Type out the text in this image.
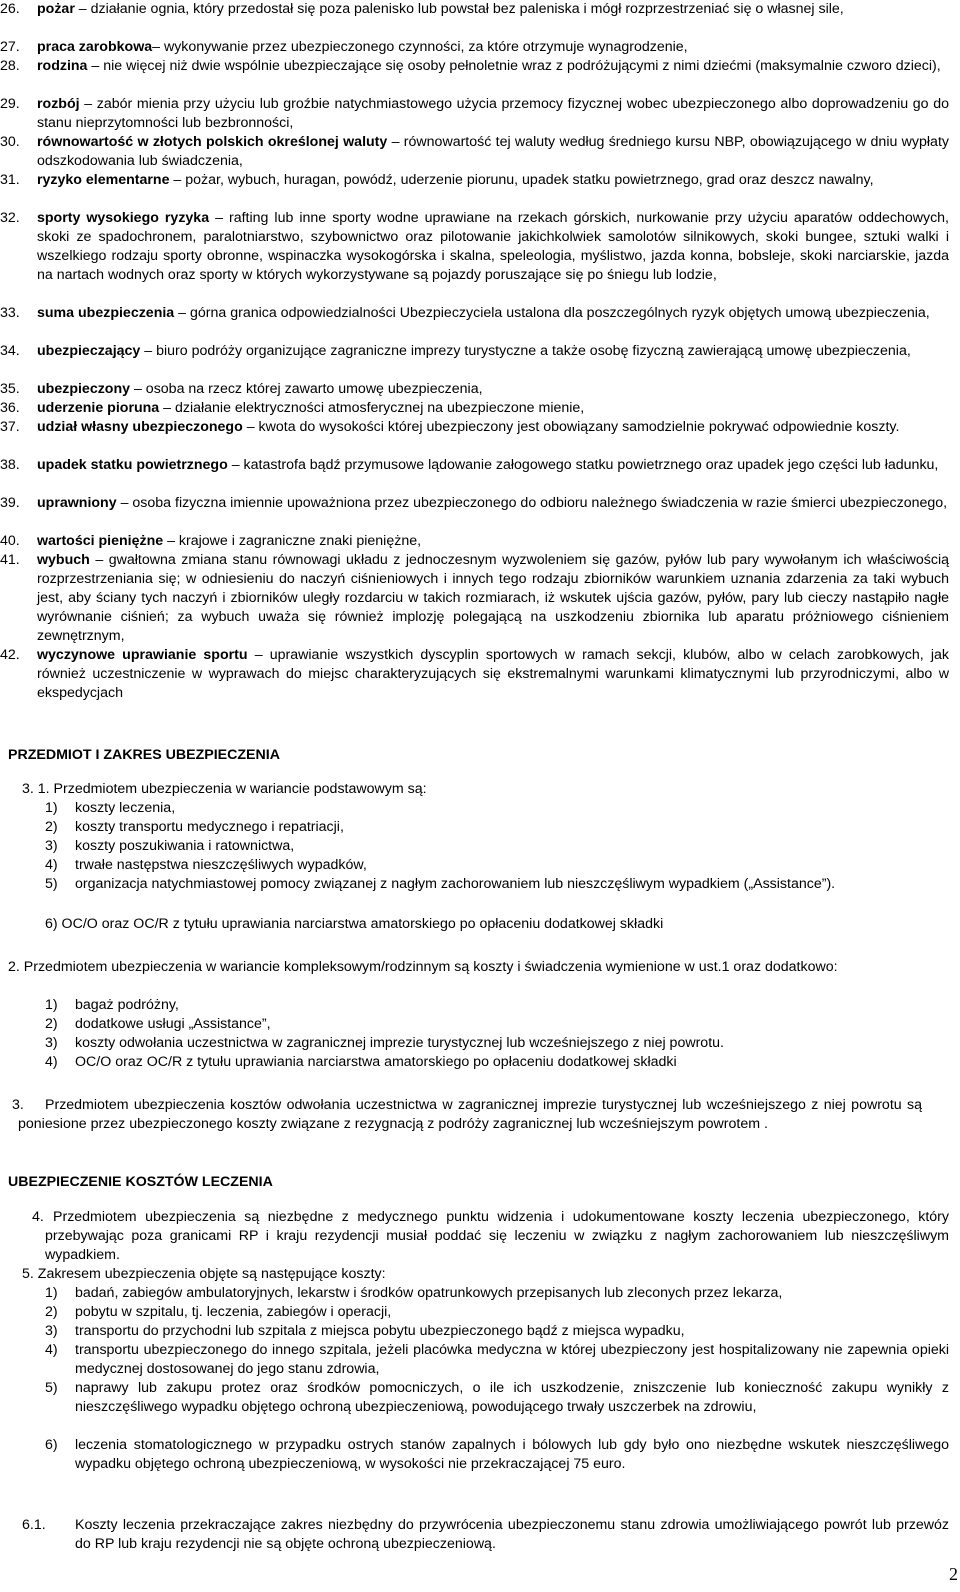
26.	pożar – działanie ognia, który przedostał się poza palenisko lub powstał bez paleniska i mógł rozprzestrzeniać się o własnej sile,
27.	praca zarobkowa– wykonywanie przez ubezpieczonego czynności, za które otrzymuje wynagrodzenie,
28.	rodzina – nie więcej niż dwie wspólnie ubezpieczające się osoby pełnoletnie wraz z podróżującymi z nimi dziećmi (maksymalnie czworo dzieci),
29.	rozbój – zabór mienia przy użyciu lub groźbie natychmiastowego użycia przemocy fizycznej wobec ubezpieczonego albo doprowadzeniu go do stanu nieprzytomności lub bezbronności,
30.	równowartość w złotych polskich określonej waluty – równowartość tej waluty według średniego kursu NBP, obowiązującego w dniu wypłaty odszkodowania lub świadczenia,
31.	ryzyko elementarne – pożar, wybuch, huragan, powódź, uderzenie piorunu, upadek statku powietrznego, grad oraz deszcz nawalny,
32.	sporty wysokiego ryzyka – rafting lub inne sporty wodne uprawiane na rzekach górskich, nurkowanie przy użyciu aparatów oddechowych, skoki ze spadochronem, paralotniarstwo, szybownictwo oraz pilotowanie jakichkolwiek samolotów silnikowych, skoki bungee, sztuki walki i wszelkiego rodzaju sporty obronne, wspinaczka wysokogórska i skalna, speleologia, myślistwo, jazda konna, bobsleje, skoki narciarskie, jazda na nartach wodnych oraz sporty w których wykorzystywane są pojazdy poruszające się po śniegu lub lodzie,
33.	suma ubezpieczenia – górna granica odpowiedzialności Ubezpieczyciela ustalona dla poszczególnych ryzyk objętych umową ubezpieczenia,
34.	ubezpieczający – biuro podróży organizujące zagraniczne imprezy turystyczne a także osobę fizyczną zawierającą umowę ubezpieczenia,
35.	ubezpieczony – osoba na rzecz której zawarto umowę ubezpieczenia,
36.	uderzenie pioruna – działanie elektryczności atmosferycznej na ubezpieczone mienie,
37.	udział własny ubezpieczonego – kwota do wysokości której ubezpieczony jest obowiązany samodzielnie pokrywać odpowiednie koszty.
38.	upadek statku powietrznego – katastrofa bądź przymusowe lądowanie załogowego statku powietrznego oraz upadek jego części lub ładunku,
39.	uprawniony – osoba fizyczna imiennie upoważniona przez ubezpieczonego do odbioru należnego świadczenia w razie śmierci ubezpieczonego,
40.	wartości pieniężne – krajowe i zagraniczne znaki pieniężne,
41.	wybuch – gwałtowna zmiana stanu równowagi układu z jednoczesnym wyzwoleniem się gazów, pyłów lub pary wywołanym ich właściwością rozprzestrzeniania się; w odniesieniu do naczyń ciśnieniowych i innych tego rodzaju zbiorników warunkiem uznania zdarzenia za taki wybuch jest, aby ściany tych naczyń i zbiorników uległy rozdarciu w takich rozmiarach, iż wskutek ujścia gazów, pyłów, pary lub cieczy nastąpiło nagłe wyrównanie ciśnień; za wybuch uważa się również implozję polegającą na uszkodzeniu zbiornika lub aparatu próżniowego ciśnieniem zewnętrznym,
42.	wyczynowe uprawianie sportu – uprawianie wszystkich dyscyplin sportowych w ramach sekcji, klubów, albo w celach zarobkowych, jak również uczestniczenie w wyprawach do miejsc charakteryzujących się ekstremalnymi warunkami klimatycznymi lub przyrodniczymi, albo w ekspedycjach
PRZEDMIOT I ZAKRES UBEZPIECZENIA
3. 1. Przedmiotem ubezpieczenia w wariancie podstawowym są:
1)	koszty leczenia,
2)	koszty transportu medycznego i repatriacji,
3)	koszty poszukiwania i ratownictwa,
4)	trwałe następstwa nieszczęśliwych wypadków,
5)	organizacja natychmiastowej pomocy związanej z nagłym zachorowaniem lub nieszczęśliwym wypadkiem („Assistance”).
6) OC/O oraz OC/R z tytułu uprawiania narciarstwa amatorskiego po opłaceniu dodatkowej składki
2. Przedmiotem ubezpieczenia w wariancie kompleksowym/rodzinnym są koszty i świadczenia wymienione w ust.1 oraz dodatkowo:
1)	bagaż podróżny,
2)	dodatkowe usługi „Assistance”,
3)	koszty odwołania uczestnictwa w zagranicznej imprezie turystycznej lub wcześniejszego z niej powrotu.
4)	OC/O oraz OC/R z tytułu uprawiania narciarstwa amatorskiego po opłaceniu dodatkowej składki
3. Przedmiotem ubezpieczenia kosztów odwołania uczestnictwa w zagranicznej imprezie turystycznej lub wcześniejszego z niej powrotu są poniesione przez ubezpieczonego koszty związane z rezygnacją z podróży zagranicznej lub wcześniejszym powrotem .
UBEZPIECZENIE KOSZTÓW LECZENIA
4. Przedmiotem ubezpieczenia są niezbędne z medycznego punktu widzenia i udokumentowane koszty leczenia ubezpieczonego, który przebywając poza granicami RP i kraju rezydencji musiał poddać się leczeniu w związku z nagłym zachorowaniem lub nieszczęśliwym wypadkiem.
5. Zakresem ubezpieczenia objęte są następujące koszty:
1)	badań, zabiegów ambulatoryjnych, lekarstw i środków opatrunkowych przepisanych lub zleconych przez lekarza,
2)	pobytu w szpitalu, tj. leczenia, zabiegów i operacji,
3)	transportu do przychodni lub szpitala z miejsca pobytu ubezpieczonego bądź z miejsca wypadku,
4)	transportu ubezpieczonego do innego szpitala, jeżeli placówka medyczna w której ubezpieczony jest hospitalizowany nie zapewnia opieki medycznej dostosowanej do jego stanu zdrowia,
5)	naprawy lub zakupu protez oraz środków pomocniczych, o ile ich uszkodzenie, zniszczenie lub konieczność zakupu wynikły z nieszczęśliwego wypadku objętego ochroną ubezpieczeniową, powodującego trwały uszczerbek na zdrowiu,
6)	leczenia stomatologicznego w przypadku ostrych stanów zapalnych i bólowych lub gdy było ono niezbędne wskutek nieszczęśliwego wypadku objętego ochroną ubezpieczeniową, w wysokości nie przekraczającej 75 euro.
6.1. Koszty leczenia przekraczające zakres niezbędny do przywrócenia ubezpieczonemu stanu zdrowia umożliwiającego powrót lub przewóz do RP lub kraju rezydencji nie są objęte ochroną ubezpieczeniową.
2
